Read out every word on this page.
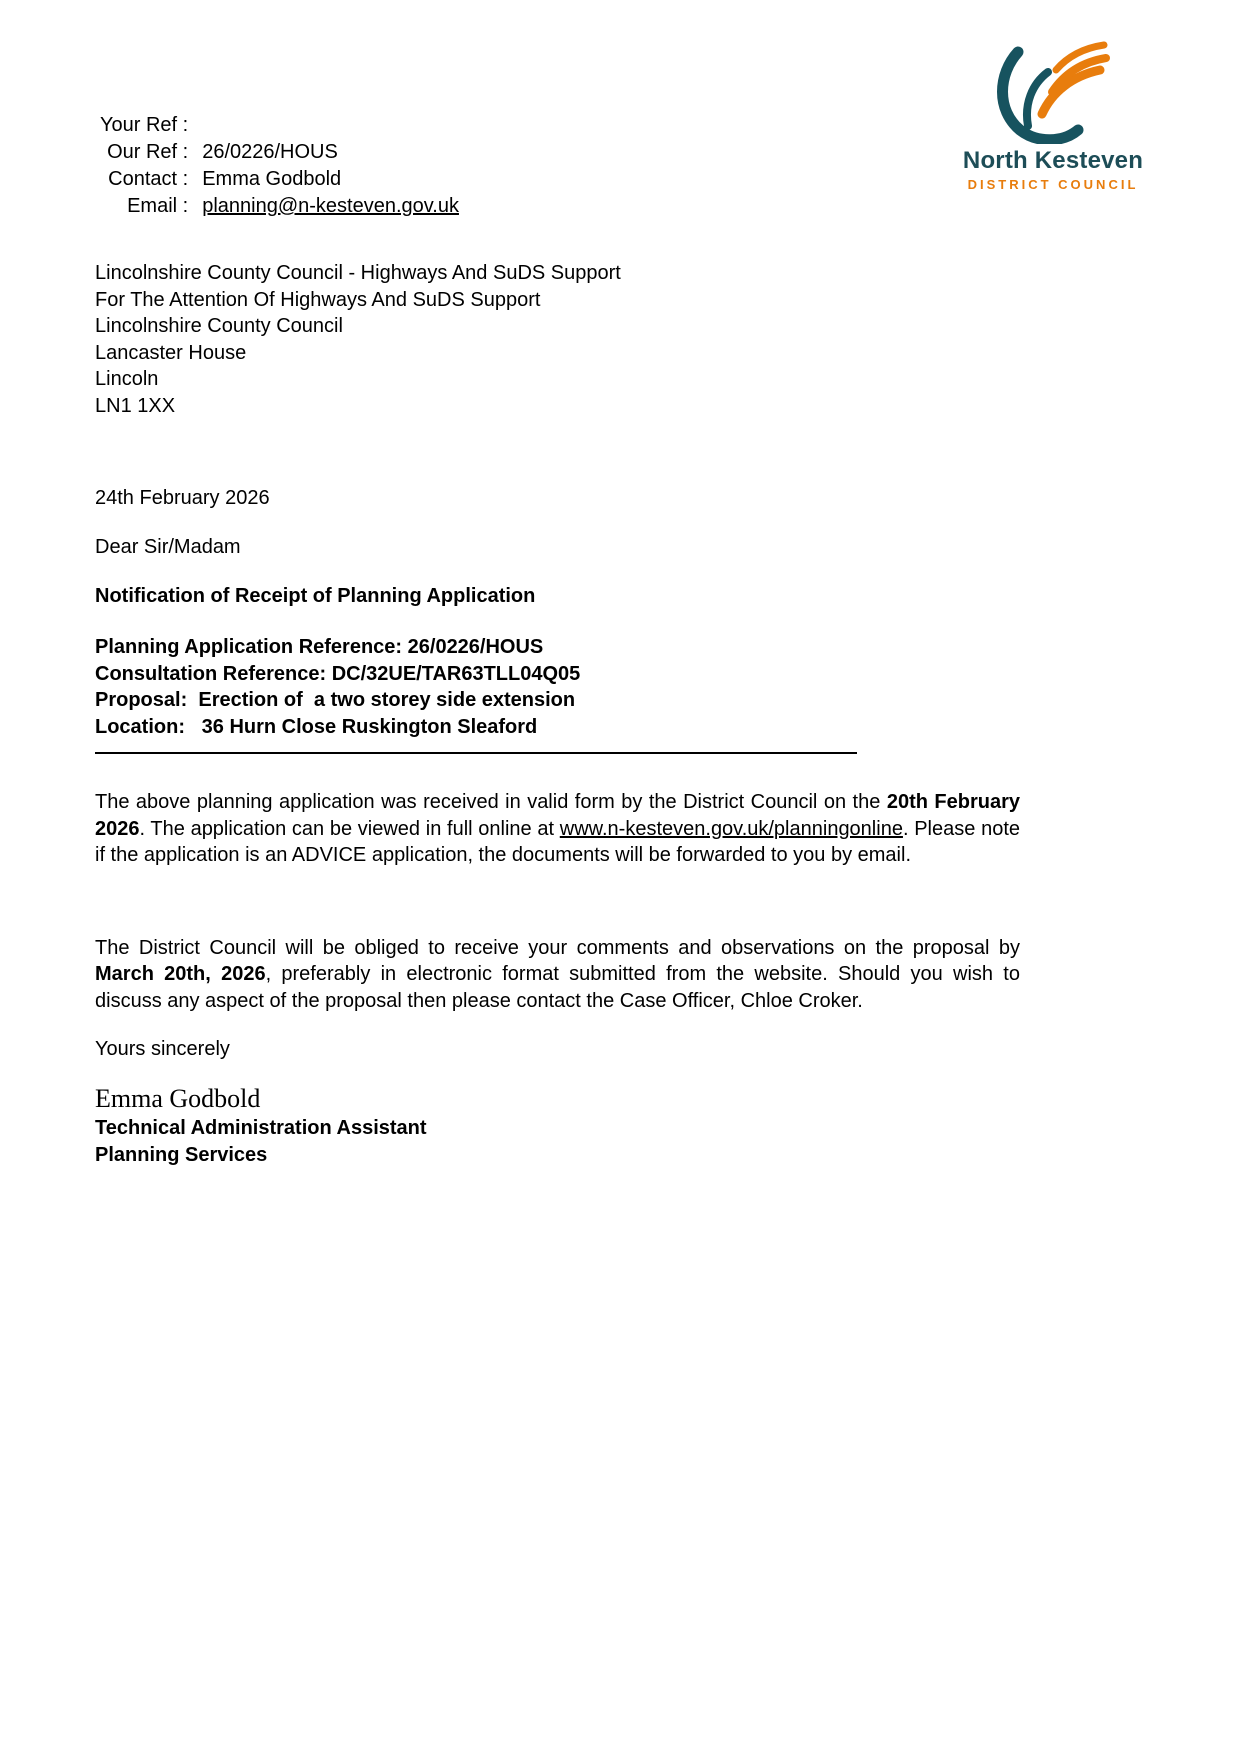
Your Ref :
Our Ref : 26/0226/HOUS
Contact : Emma Godbold
Email : planning@n-kesteven.gov.uk
North Kesteven
DISTRICT COUNCIL
Lincolnshire County Council - Highways And SuDS Support
For The Attention Of Highways And SuDS Support
Lincolnshire County Council
Lancaster House
Lincoln
LN1 1XX
24th February 2026
Dear Sir/Madam
Notification of Receipt of Planning Application
Planning Application Reference: 26/0226/HOUS
Consultation Reference: DC/32UE/TAR63TLL04Q05
Proposal:  Erection of  a two storey side extension
Location:   36 Hurn Close Ruskington Sleaford

The above planning application was received in valid form by the District Council on the 20th February 2026. The application can be viewed in full online at www.n-kesteven.gov.uk/planningonline. Please note if the application is an ADVICE application, the documents will be forwarded to you by email.

The District Council will be obliged to receive your comments and observations on the proposal by March 20th, 2026, preferably in electronic format submitted from the website. Should you wish to discuss any aspect of the proposal then please contact the Case Officer, Chloe Croker.

Yours sincerely
Emma Godbold
Technical Administration Assistant
Planning Services
